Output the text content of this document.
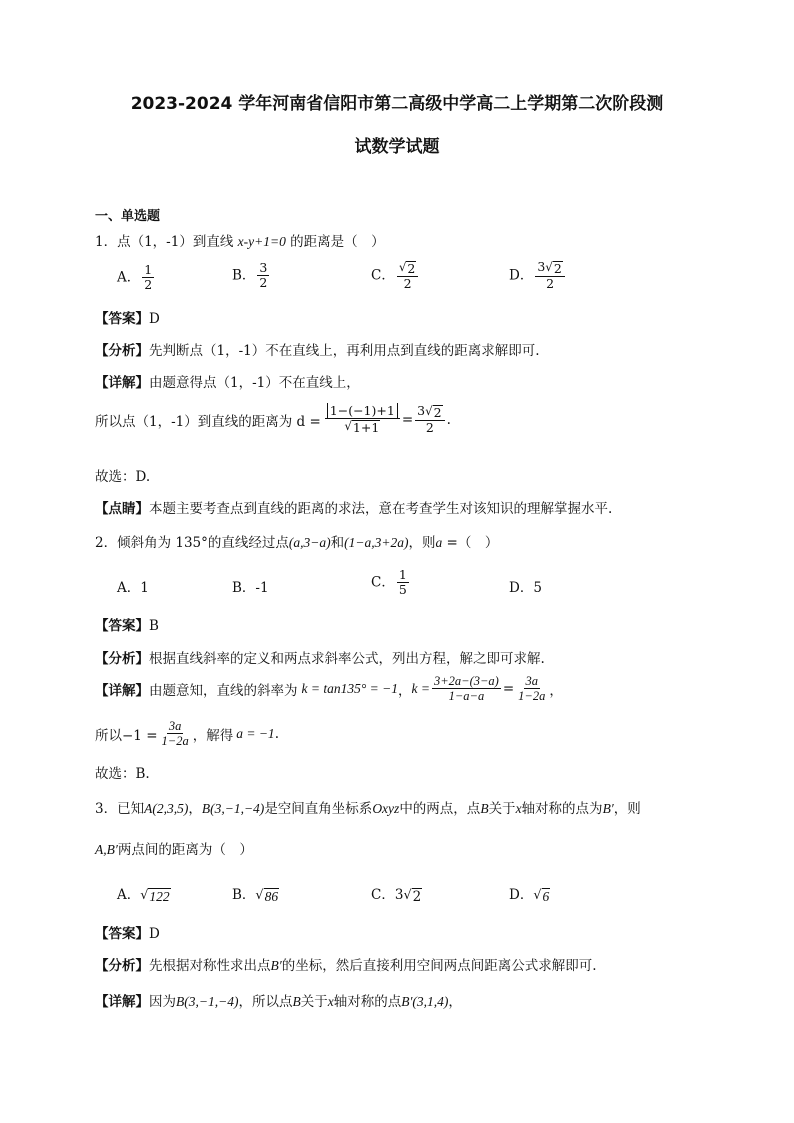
2023-2024 学年河南省信阳市第二高级中学高二上学期第二次阶段测
试数学试题
一、单选题
1．点（1，-1）到直线 x-y+1=0 的距离是（　）
A． $\frac{1}{2}$	B． $\frac{3}{2}$	C． $\frac{√ 2}{2}$	D． $\frac{3 √ 2}{2}$
【答案】D
【分析】先判断点（1，-1）不在直线上，再利用点到直线的距离求解即可.
【详解】由题意得点（1，-1）不在直线上，
所以点（1，-1）到直线的距离为 $d = \frac{1-(-1)+1}{√ 1+1} = \frac{3 √ 2}{2}$ .
故选：D.
【点睛】本题主要考查点到直线的距离的求法，意在考查学生对该知识的理解掌握水平.
2．倾斜角为 135°的直线经过点(a,3−a)和(1−a,3+2a)，则a =（　）
A．1	B．-1	C． $\frac{1}{5}$	D．5
【答案】B
【分析】根据直线斜率的定义和两点求斜率公式，列出方程，解之即可求解.
【详解】 由题意知，直线的斜率为 k = tan135° = −1 ， $k = \frac{3+2a-(3-a)}{1-a-a} = \frac{3a}{1-2a}$ ，
所以$-1 = \frac{3a}{1-2a}$ ，解得 a = −1 .
故选：B.
3．已知A(2,3,5)，B(3,−1,−4)是空间直角坐标系Oxyz中的两点，点B关于x轴对称的点为B′，则
A,B′两点间的距离为（　）
A． √ 122	B． √ 86	C．3 √ 2	D． √ 6
【答案】D
【分析】先根据对称性求出点B′的坐标，然后直接利用空间两点间距离公式求解即可.
【详解】因为B(3,−1,−4)，所以点B关于x轴对称的点B′(3,1,4)，
